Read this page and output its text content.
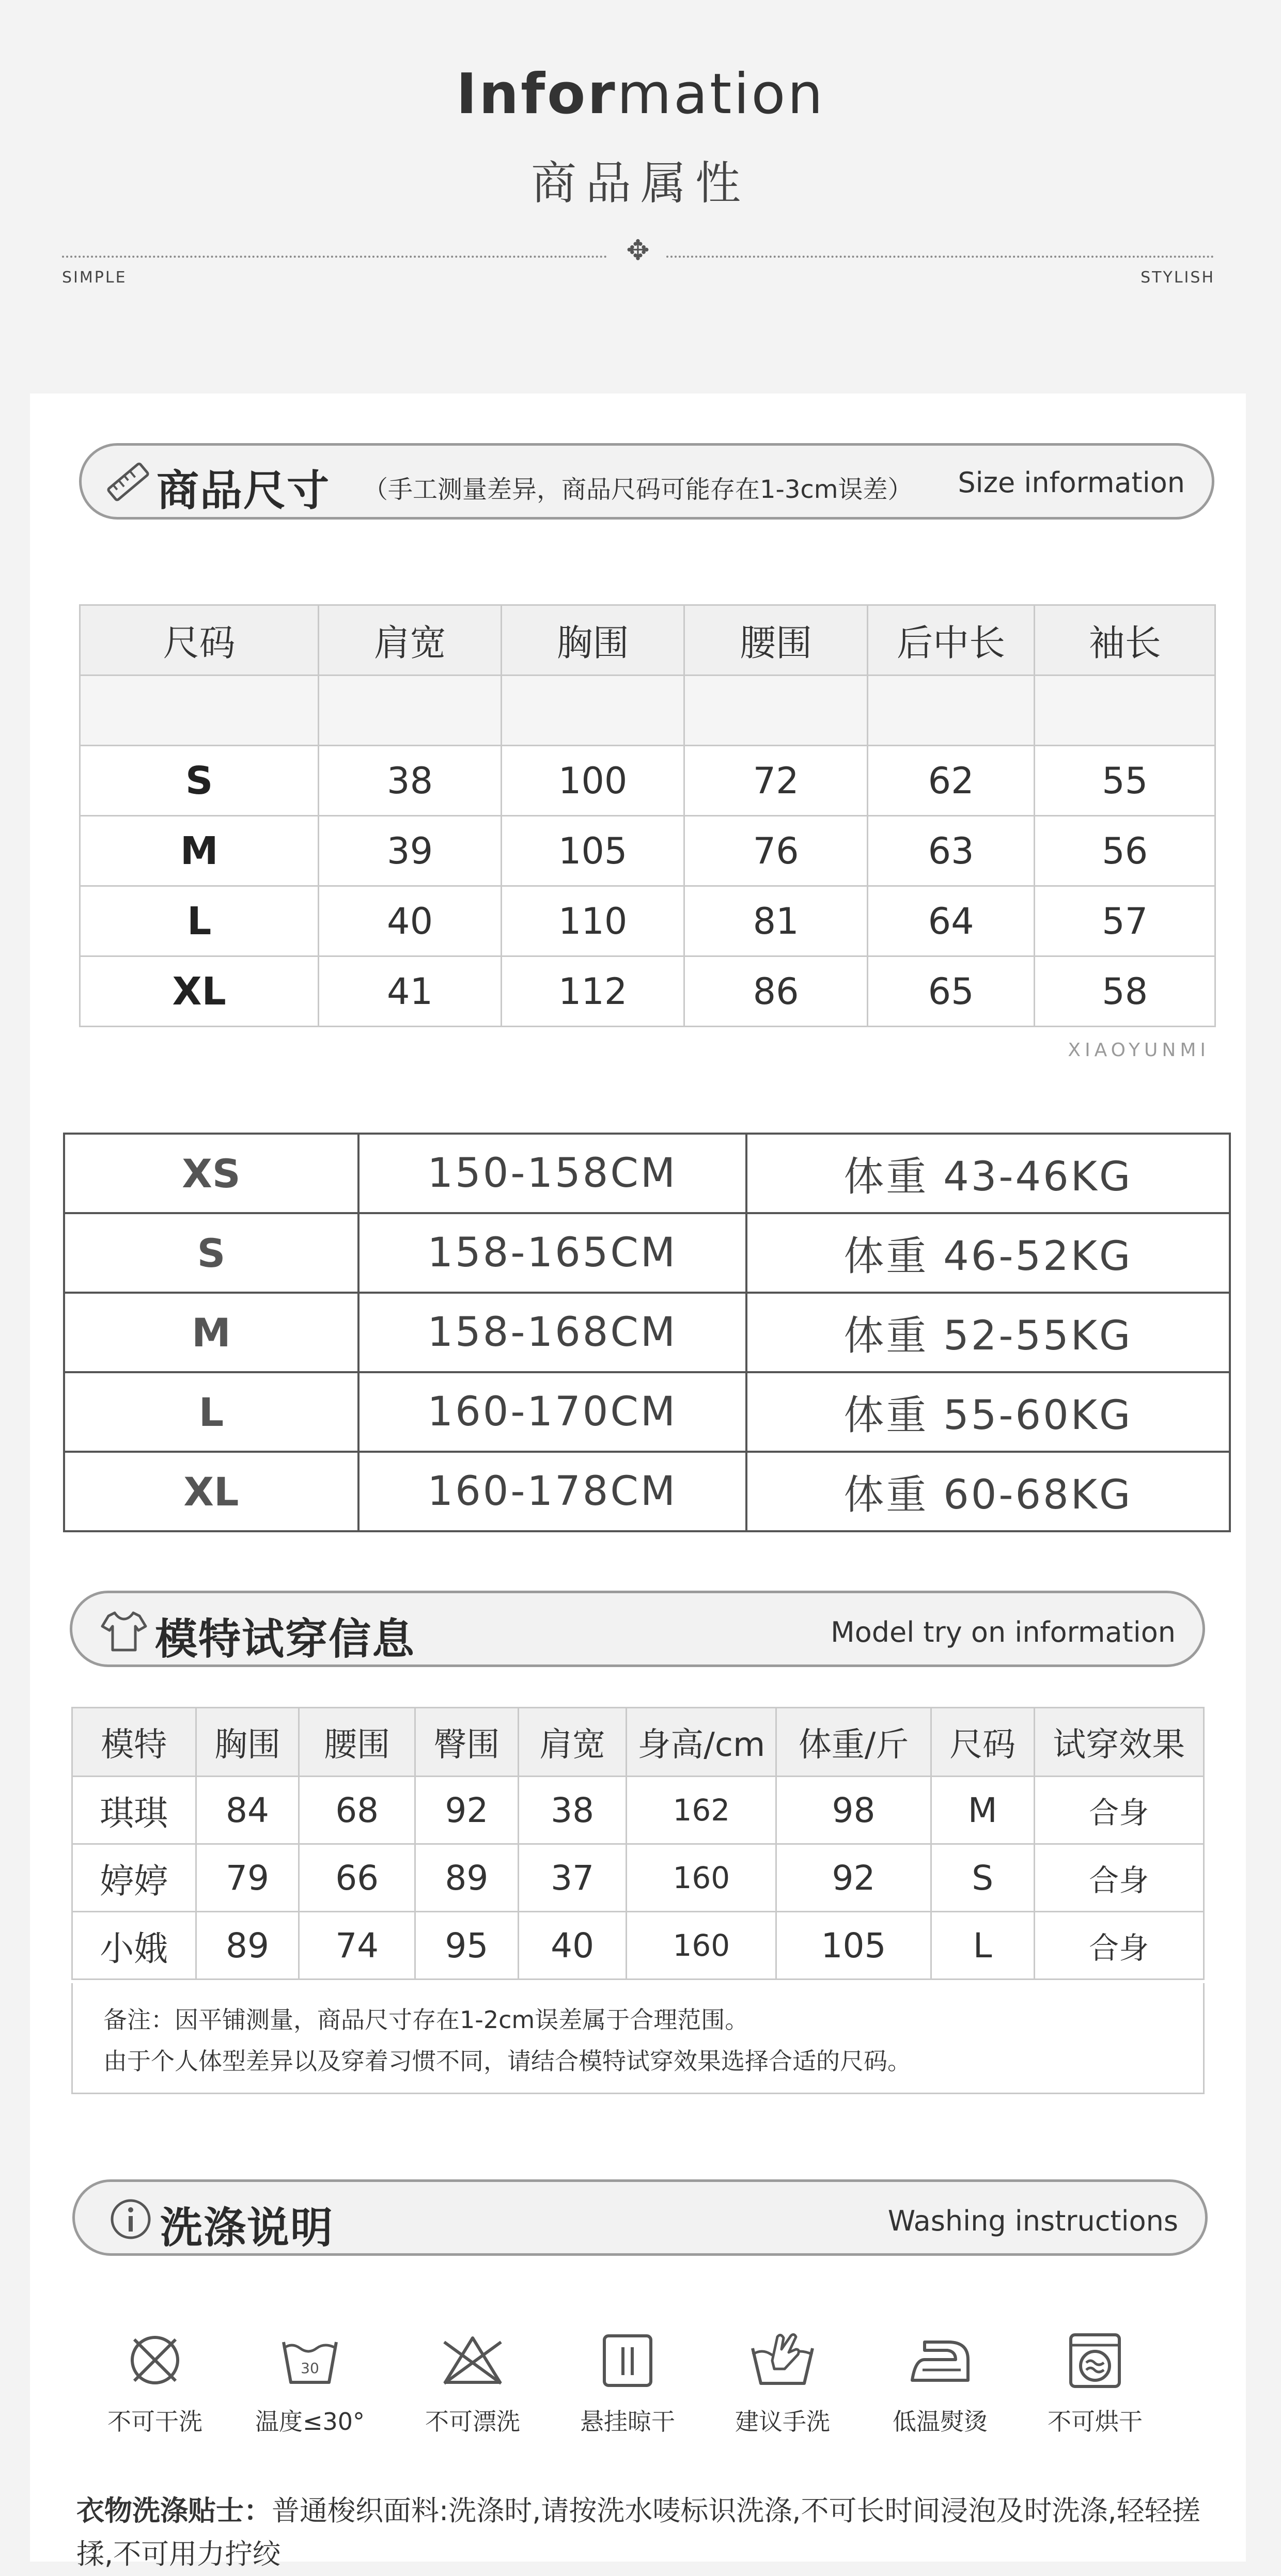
Information
商品属性
✥
SIMPLE	STYLISH
商品尺寸 （手工测量差异，商品尺码可能存在1-3cm误差） Size information
尺码	肩宽	胸围	腰围	后中长	袖长

S	38	100	72	62	55
M	39	105	76	63	56
L	40	110	81	64	57
XL	41	112	86	65	58
XIAOYUNMI
XS	150-158CM	体重 43-46KG
S	158-165CM	体重 46-52KG
M	158-168CM	体重 52-55KG
L	160-170CM	体重 55-60KG
XL	160-178CM	体重 60-68KG
模特试穿信息	Model try on information
模特	胸围	腰围	臀围	肩宽	身高/cm	体重/斤	尺码	试穿效果
琪琪	84	68	92	38	162	98	M	合身
婷婷	79	66	89	37	160	92	S	合身
小娥	89	74	95	40	160	105	L	合身
备注：因平铺测量，商品尺寸存在1-2cm误差属于合理范围。
由于个人体型差异以及穿着习惯不同，请结合模特试穿效果选择合适的尺码。
洗涤说明	Washing instructions
不可干洗
30
温度≤30°	不可漂洗	悬挂晾干	建议手洗	低温熨烫	不可烘干
衣物洗涤贴士：普通梭织面料:洗涤时,请按洗水唛标识洗涤,不可长时间浸泡及时洗涤,轻轻搓揉,不可用力拧绞
